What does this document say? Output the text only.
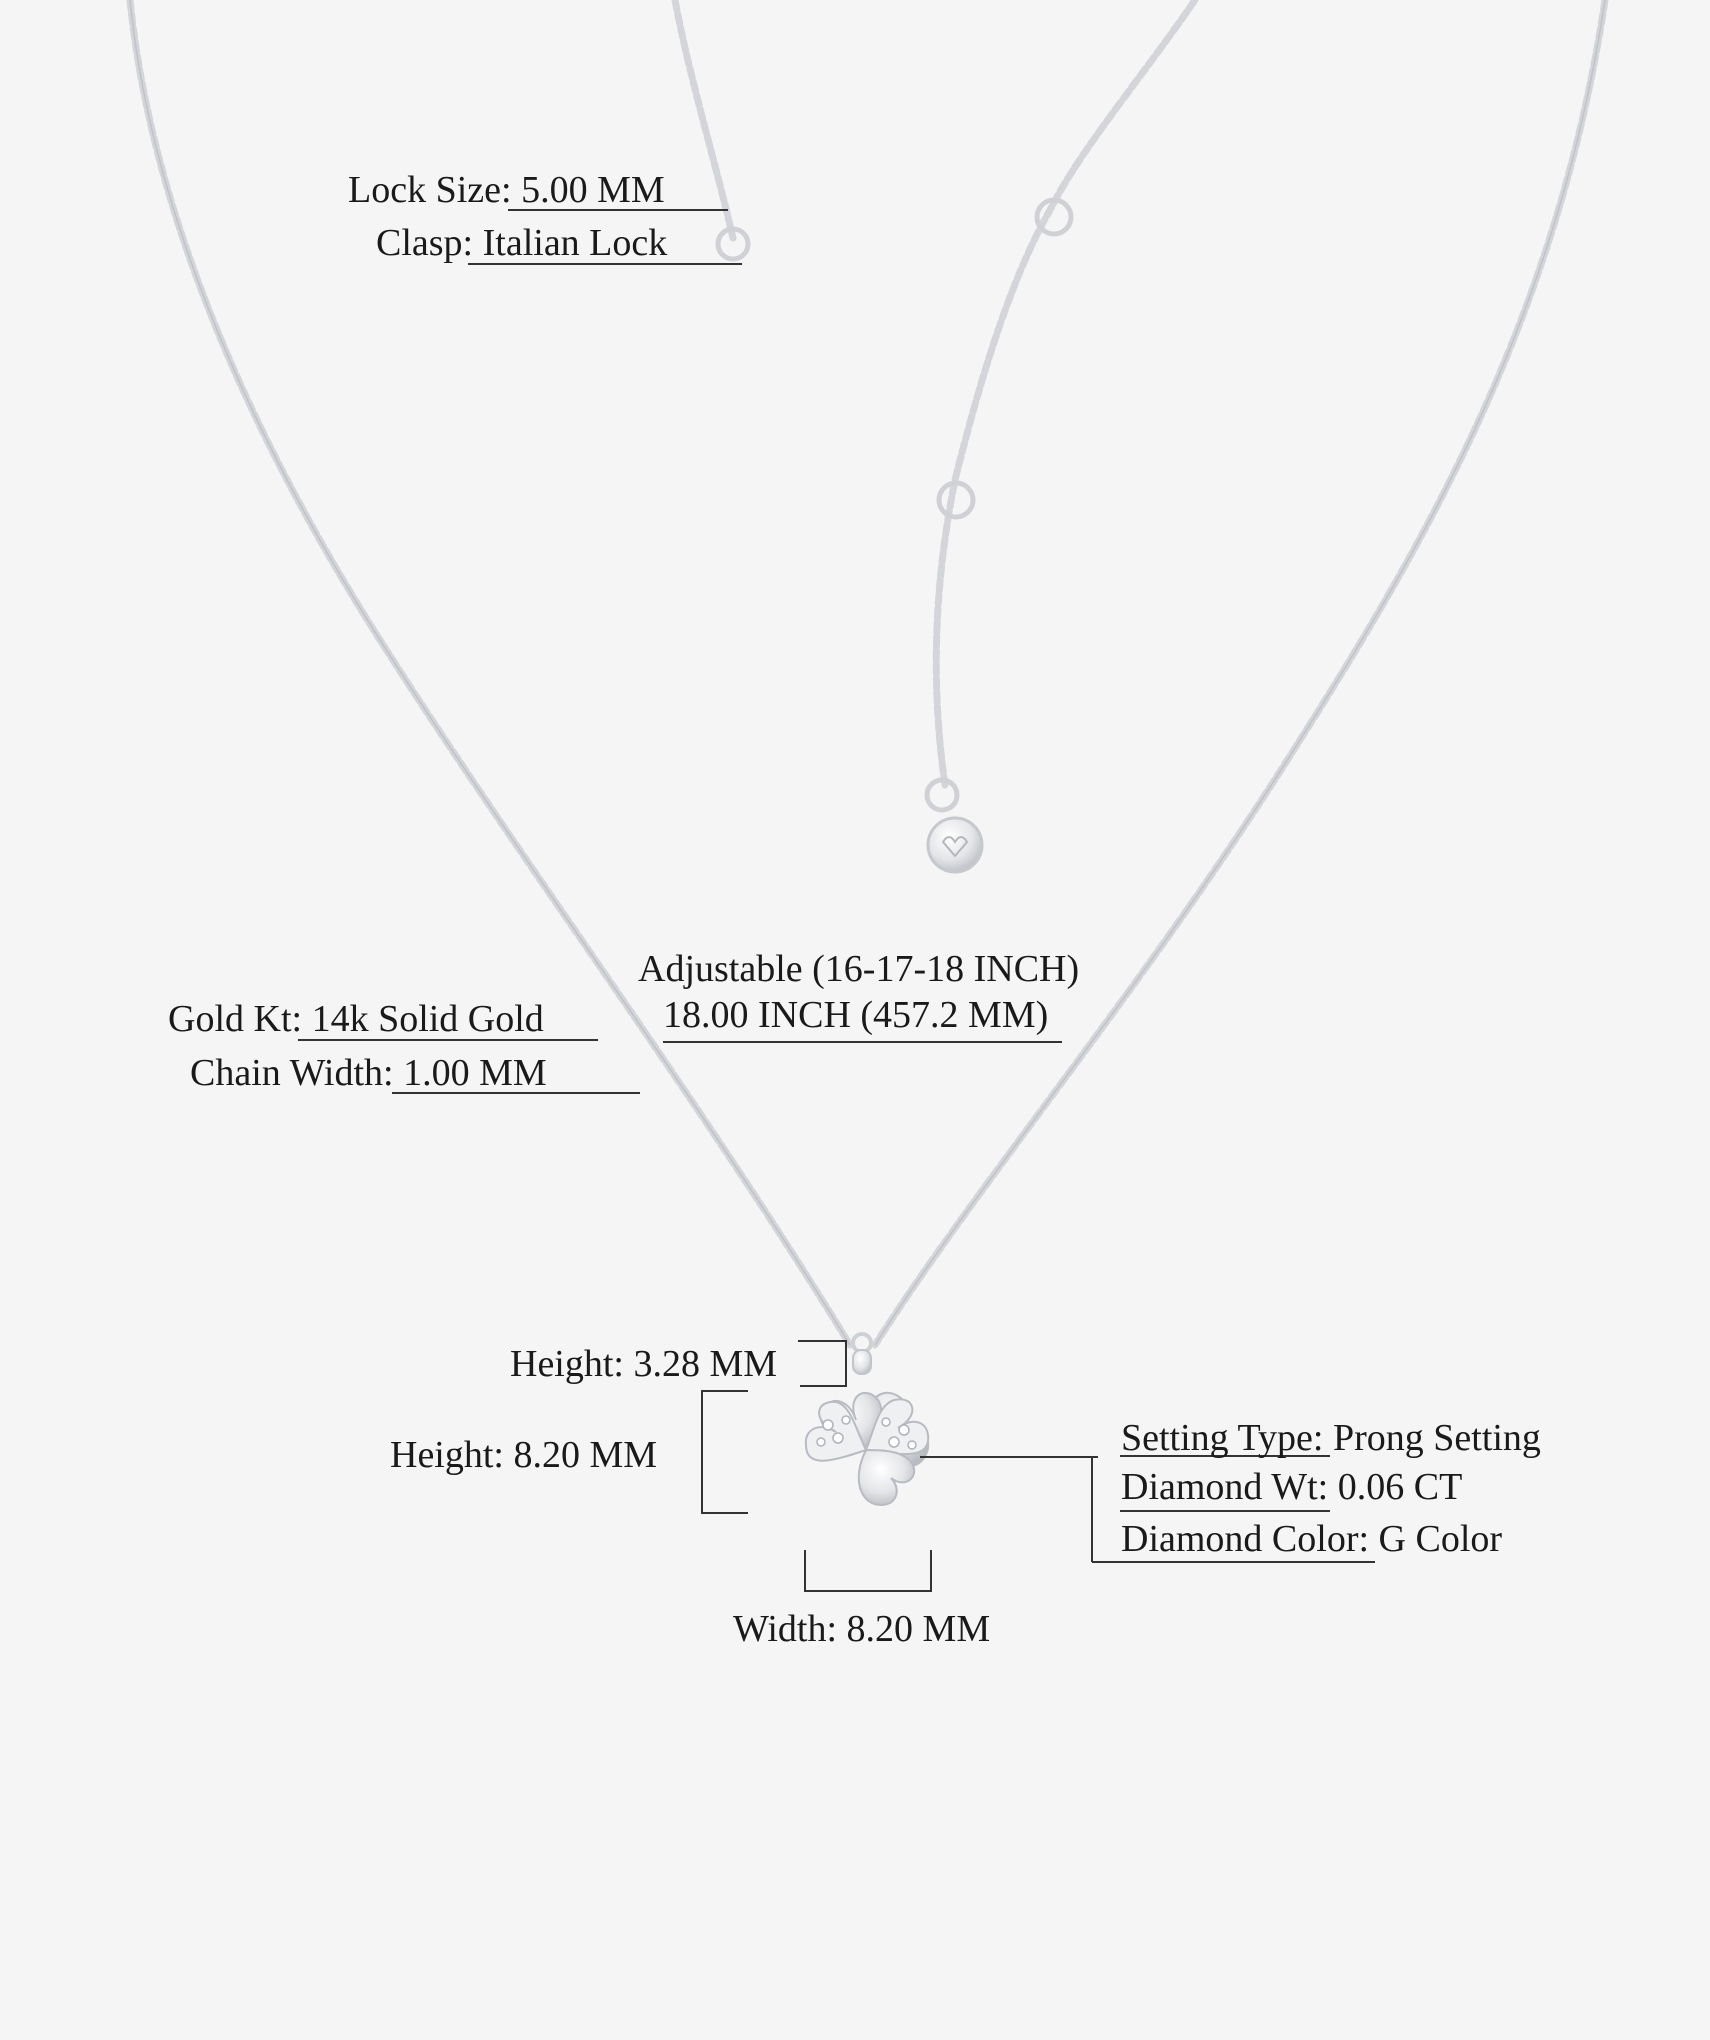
Lock Size: 5.00 MM

Clasp: Italian Lock

Adjustable (16-17-18 INCH)

18.00 INCH (457.2 MM)

Gold Kt: 14k Solid Gold

Chain Width: 1.00 MM

Height: 3.28 MM

Height: 8.20 MM

Width: 8.20 MM

Setting Type: Prong Setting

Diamond Wt: 0.06 CT

Diamond Color: G Color
